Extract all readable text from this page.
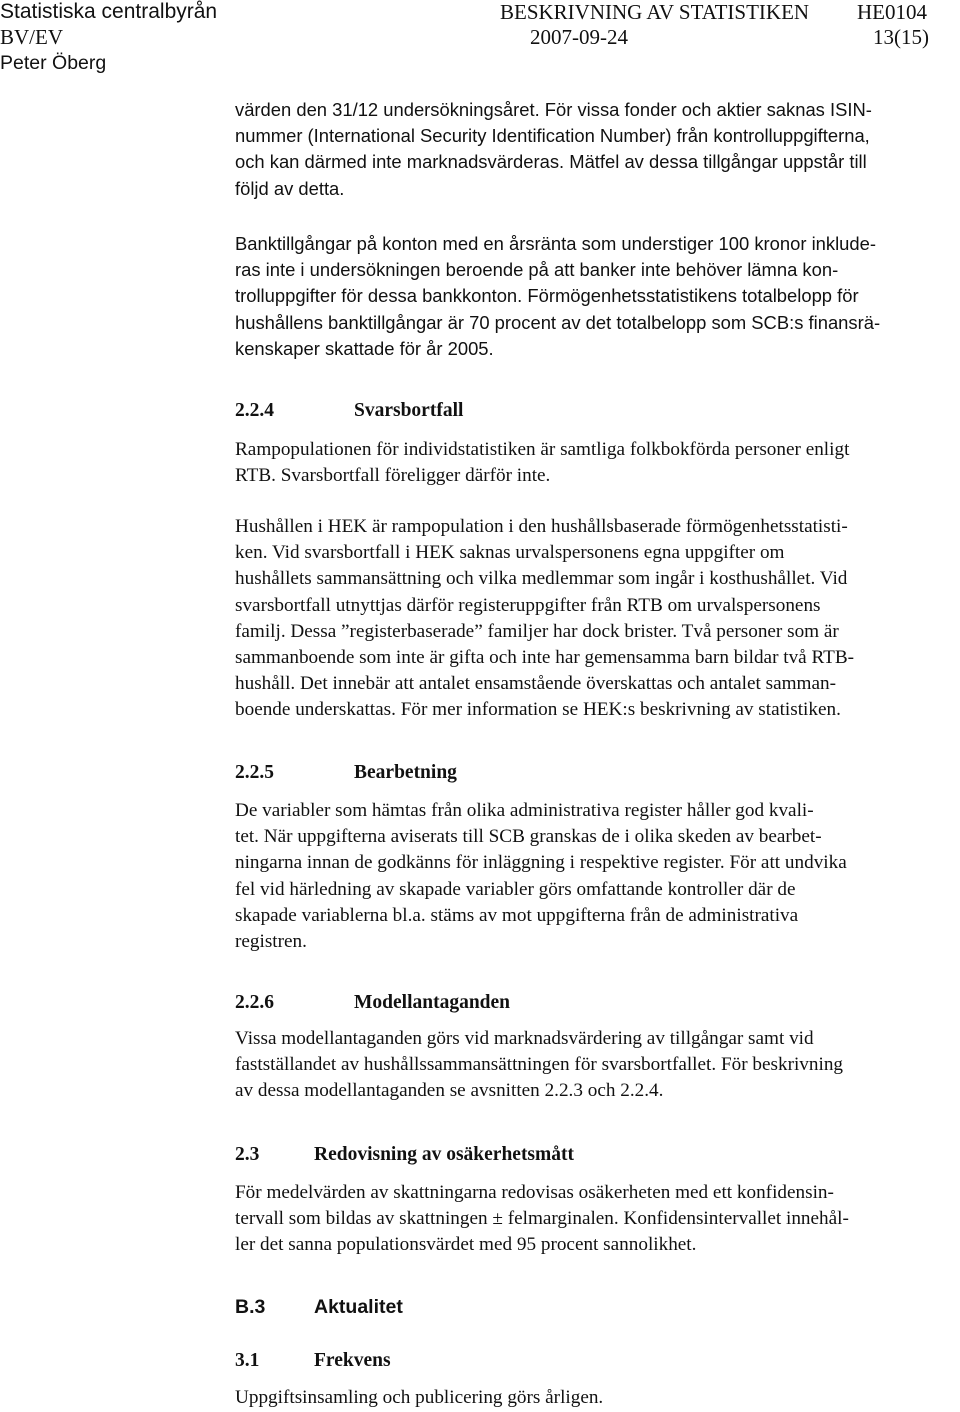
Statistiska centralbyrån	BESKRIVNING AV STATISTIKEN HE0104
BV/EV	2007-09-24	13(15)
Peter Öberg
värden den 31/12 undersökningsåret. För vissa fonder och aktier saknas ISIN-
nummer (International Security Identification Number) från kontrolluppgifterna,
och kan därmed inte marknadsvärderas. Mätfel av dessa tillgångar uppstår till
följd av detta.
Banktillgångar på konton med en årsränta som understiger 100 kronor inklude-
ras inte i undersökningen beroende på att banker inte behöver lämna kon-
trolluppgifter för dessa bankkonton. Förmögenhetsstatistikens totalbelopp för
hushållens banktillgångar är 70 procent av det totalbelopp som SCB:s finansrä-
kenskaper skattade för år 2005.
2.2.4	Svarsbortfall
Rampopulationen för individstatistiken är samtliga folkbokförda personer enligt
RTB. Svarsbortfall föreligger därför inte.
Hushållen i HEK är rampopulation i den hushållsbaserade förmögenhetsstatisti-
ken. Vid svarsbortfall i HEK saknas urvalspersonens egna uppgifter om
hushållets sammansättning och vilka medlemmar som ingår i kosthushållet. Vid
svarsbortfall utnyttjas därför registeruppgifter från RTB om urvalspersonens
familj. Dessa ”registerbaserade” familjer har dock brister. Två personer som är
sammanboende som inte är gifta och inte har gemensamma barn bildar två RTB-
hushåll. Det innebär att antalet ensamstående överskattas och antalet samman-
boende underskattas. För mer information se HEK:s beskrivning av statistiken.
2.2.5	Bearbetning
De variabler som hämtas från olika administrativa register håller god kvali-
tet. När uppgifterna aviserats till SCB granskas de i olika skeden av bearbet-
ningarna innan de godkänns för inläggning i respektive register. För att undvika
fel vid härledning av skapade variabler görs omfattande kontroller där de
skapade variablerna bl.a. stäms av mot uppgifterna från de administrativa
registren.
2.2.6	Modellantaganden
Vissa modellantaganden görs vid marknadsvärdering av tillgångar samt vid
fastställandet av hushållssammansättningen för svarsbortfallet. För beskrivning
av dessa modellantaganden se avsnitten 2.2.3 och 2.2.4.
2.3	Redovisning av osäkerhetsmått
För medelvärden av skattningarna redovisas osäkerheten med ett konfidensin-
tervall som bildas av skattningen ± felmarginalen. Konfidensintervallet innehål-
ler det sanna populationsvärdet med 95 procent sannolikhet.
B.3 Aktualitet
3.1	Frekvens
Uppgiftsinsamling och publicering görs årligen.
